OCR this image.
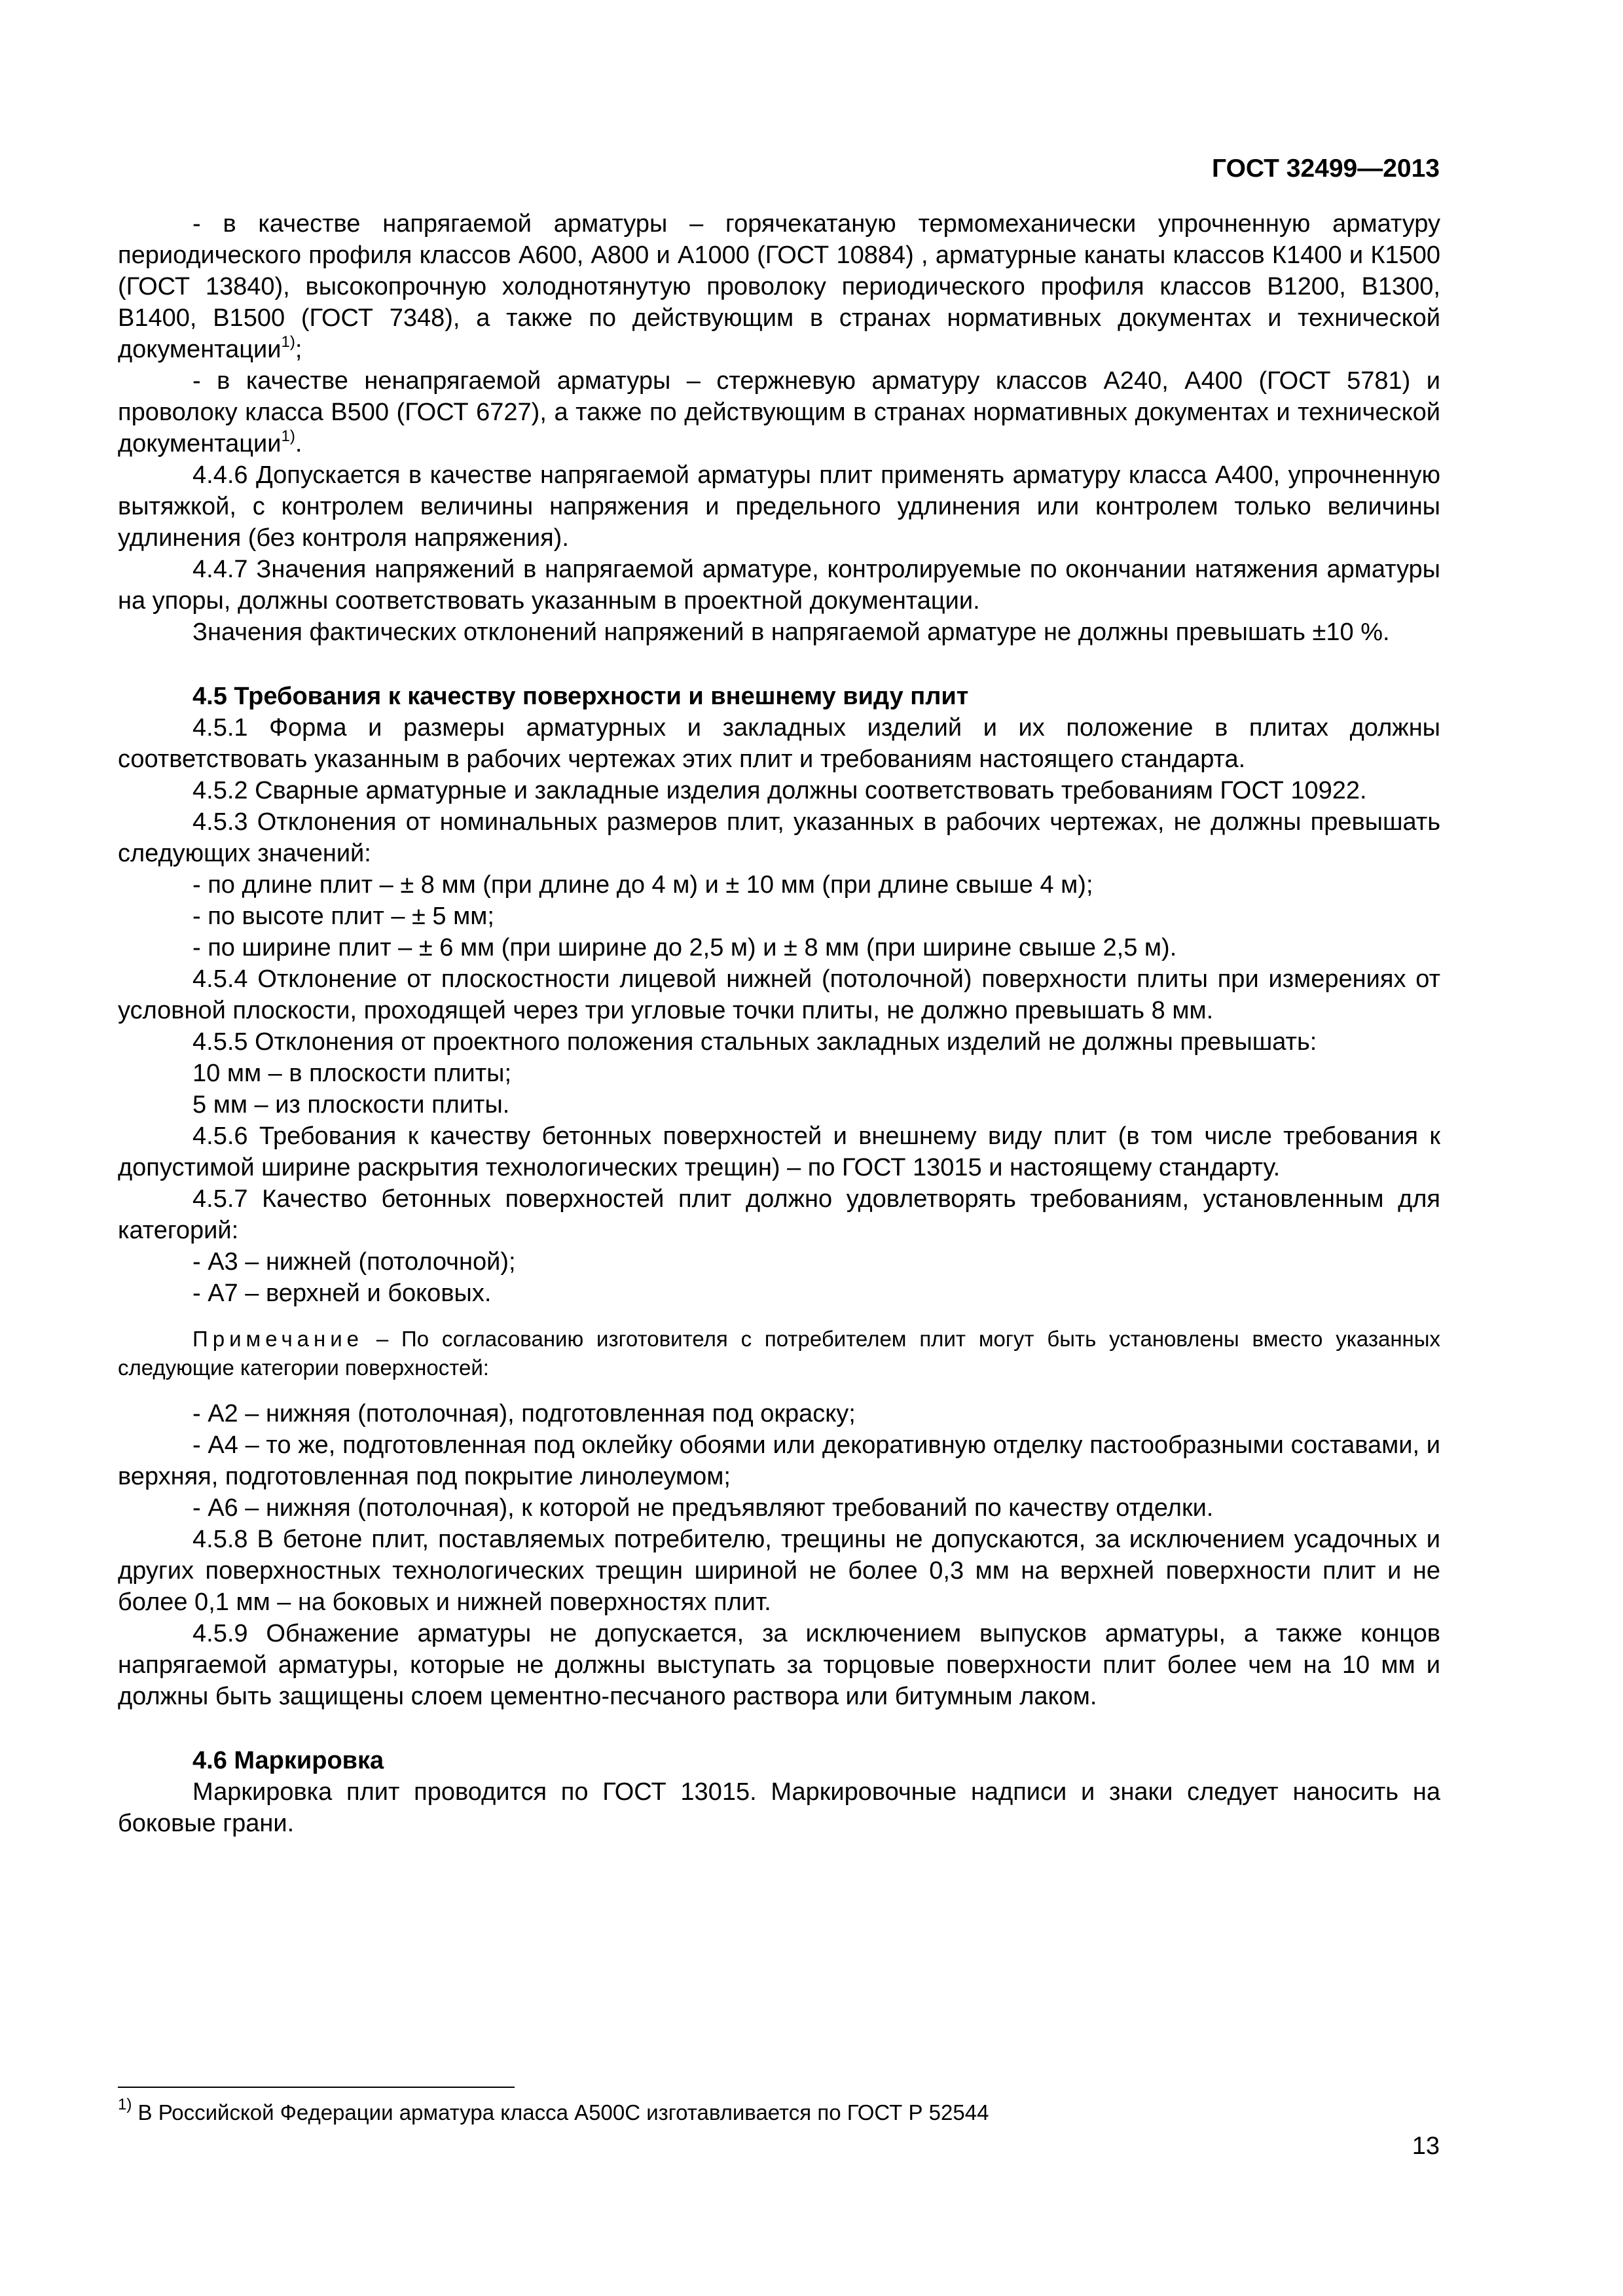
ГОСТ 32499—2013

- в качестве напрягаемой арматуры – горячекатаную термомеханически упрочненную арматуру периодического профиля классов А600, А800 и А1000 (ГОСТ 10884) , арматурные канаты классов К1400 и К1500 (ГОСТ 13840), высокопрочную холоднотянутую проволоку периодического профиля классов В1200, В1300, В1400, В1500 (ГОСТ 7348), а также по действующим в странах нормативных документах и технической документации$^{1)}$;

- в качестве ненапрягаемой арматуры – стержневую арматуру классов А240, А400 (ГОСТ 5781) и проволоку класса В500 (ГОСТ 6727), а также по действующим в странах нормативных документах и технической документации$^{1)}$.

4.4.6 Допускается в качестве напрягаемой арматуры плит применять арматуру класса А400, упрочненную вытяжкой, с контролем величины напряжения и предельного удлинения или контролем только величины удлинения (без контроля напряжения).

4.4.7 Значения напряжений в напрягаемой арматуре, контролируемые по окончании натяжения арматуры на упоры, должны соответствовать указанным в проектной документации.

Значения фактических отклонений напряжений в напрягаемой арматуре не должны превышать ±10 %.

4.5 Требования к качеству поверхности и внешнему виду плит

4.5.1 Форма и размеры арматурных и закладных изделий и их положение в плитах должны соответствовать указанным в рабочих чертежах этих плит и требованиям настоящего стандарта.

4.5.2 Сварные арматурные и закладные изделия должны соответствовать требованиям ГОСТ 10922.

4.5.3 Отклонения от номинальных размеров плит, указанных в рабочих чертежах, не должны превышать следующих значений:

- по длине плит – ± 8 мм (при длине до 4 м) и ± 10 мм (при длине свыше 4 м);

- по высоте плит – ± 5 мм;

- по ширине плит – ± 6 мм (при ширине до 2,5 м) и ± 8 мм (при ширине свыше 2,5 м).

4.5.4 Отклонение от плоскостности лицевой нижней (потолочной) поверхности плиты при измерениях от условной плоскости, проходящей через три угловые точки плиты, не должно превышать 8 мм.

4.5.5 Отклонения от проектного положения стальных закладных изделий не должны превышать:

10 мм – в плоскости плиты;

5 мм – из плоскости плиты.

4.5.6 Требования к качеству бетонных поверхностей и внешнему виду плит (в том числе требования к допустимой ширине раскрытия технологических трещин) – по ГОСТ 13015 и настоящему стандарту.

4.5.7 Качество бетонных поверхностей плит должно удовлетворять требованиям, установленным для категорий:

- А3 – нижней (потолочной);

- А7 – верхней и боковых.

Примечание – По согласованию изготовителя с потребителем плит могут быть установлены вместо указанных следующие категории поверхностей:

- А2 – нижняя (потолочная), подготовленная под окраску;

- А4 – то же, подготовленная под оклейку обоями или декоративную отделку пастообразными составами, и верхняя, подготовленная под покрытие линолеумом;

- А6 – нижняя (потолочная), к которой не предъявляют требований по качеству отделки.

4.5.8 В бетоне плит, поставляемых потребителю, трещины не допускаются, за исключением усадочных и других поверхностных технологических трещин шириной не более 0,3 мм на верхней поверхности плит и не более 0,1 мм – на боковых и нижней поверхностях плит.

4.5.9 Обнажение арматуры не допускается, за исключением выпусков арматуры, а также концов напрягаемой арматуры, которые не должны выступать за торцовые поверхности плит более чем на 10 мм и должны быть защищены слоем цементно-песчаного раствора или битумным лаком.

4.6 Маркировка

Маркировка плит проводится по ГОСТ 13015. Маркировочные надписи и знаки следует наносить на боковые грани.

$^{1)}$ В Российской Федерации арматура класса А500С изготавливается по ГОСТ Р 52544
13
